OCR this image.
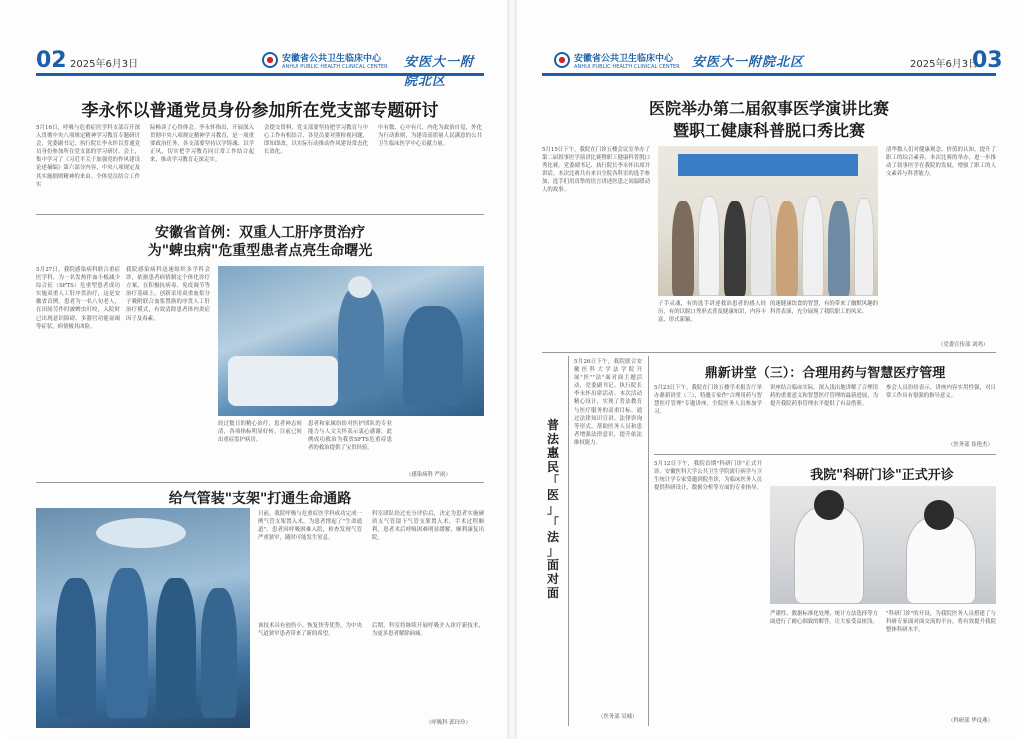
02 2025年6月3日	安徽省公共卫生临床中心
ANHUI PUBLIC HEALTH CLINICAL CENTER 安医大一附院北区
李永怀以普通党员身份参加所在党支部专题研讨
5月16日，呼吸与危重症医学科支部召开深入贯彻中央八项规定精神学习教育专题研讨会，党委副书记、执行院长李永怀以普通党员身份参加所在党支部的学习研讨。会上，集中学习了《习近平关于加强党的作风建设论述摘编》第六部分内容，中央八项规定及其实施细则精神的来由。全体党员结合工作实
际畅谈了心得体会。李永怀指出，开展深入贯彻中央八项规定精神学习教育，是一项重要政治任务，各支部要坚持以学铸魂、以学正风，切实把学习教育同日常工作结合起来，推动学习教育走深走实。
会提交资料，党支部要坚持把学习教育与中心工作有机结合，各党员要对照检视问题，即知即改，以实际行动推动作风建设常态化长效化。
中有数、心中有尺，内化为政治自觉，外化为行动准则，为建设高质量人民满意的公共卫生临床医学中心贡献力量。
安徽省首例：双重人工肝序贯治疗
为"蜱虫病"危重型患者点亮生命曙光
5月27日，我院感染病科联合重症医学科，为一名发热伴血小板减少综合征（SFTS）危重型患者成功实施双重人工肝序贯治疗，这是安徽省首例。患者为一名八旬老人，在田间劳作时被蜱虫叮咬，入院时已出现意识障碍、多器官功能衰竭等症状，病情极其凶险。
我院感染病科迅速组织多学科会诊，依据患者病情制定个体化诊疗方案，在积极抗病毒、免疫调节等治疗基础上，创新采用双重血浆分子吸附联合血浆置换的序贯人工肝治疗模式，有效清除患者体内炎症因子及毒素。
经过数日的精心治疗，患者神志转清，各项指标明显好转，目前已转出重症监护病房。
患者和家属纷纷对医护团队的专业能力与人文关怀表示衷心感谢。此例成功救治为我省SFTS危重症患者的救治提供了宝贵经验。
（感染病科 严雨）
给气管装"支架"打通生命通路
日前，我院呼吸与危重症医学科成功完成一例气管支架置入术，为患者撑起了"生命通道"。患者因呼吸困难入院，检查发现气管严重狭窄，随时可能发生窒息。
科室团队经过充分评估后，决定为患者实施硬质支气管镜下气管支架置入术。手术过程顺利，患者术后呼吸困难明显缓解，顺利康复出院。
该技术具有创伤小、恢复快等优势，为中央气道狭窄患者带来了新的希望。
后期，科室将继续开展呼吸介入诊疗新技术，为更多患者解除病痛。
（呼吸科 郭玲玲）
安徽省公共卫生临床中心
ANHUI PUBLIC HEALTH CLINICAL CENTER 安医大一附院北区	2025年6月3日
03
医院举办第二届叙事医学演讲比赛
暨职工健康科普脱口秀比赛
5月15日下午，我院在门诊五楼会议室举办了第二届叙事医学演讲比赛暨职工健康科普脱口秀比赛。党委副书记、执行院长李永怀出席并讲话。本次比赛共有来自全院各科室的选手参加，选手们用真挚的语言讲述医患之间温暖动人的故事。
子手灵魂，有的选手讲述救治患者的感人经历，有的以脱口秀形式普及健康知识，内容丰富、形式新颖。
的速健康饮食的智慧，有的带来了幽默风趣的科普表演，充分展现了我院职工的风采。
清华数人们对健康观念、价值的认知，提升了职工的综合素养。本次比赛的举办，进一步推动了叙事医学在我院的发展，增强了职工的人文素养与科普能力。
（党委宣传部 刘鸡）
普
法
惠
民
「
医
」
「
法
」
面
对
面
5月26日下午，我院联合安徽医科大学法学院开展"医""法"面对面主题活动，党委副书记、执行院长李永怀出席活动。本次活动精心设计，实现了普法教育与医疗服务的双重目标。通过法律知识宣讲、法律咨询等形式，帮助医务人员和患者增强法律意识，提升依法维权能力。
（医务部 吴城）
鼎新讲堂（三）：合理用药与智慧医疗管理
5月23日下午，我院在门诊五楼学术报告厅举办鼎新讲堂（三），特邀专家作"合理用药与智慧医疗管理"专题讲座，全院医务人员参加学习。
讲座结合临床实际，深入浅出地讲解了合理用药的重要意义和智慧医疗管理的最新进展，为提升我院药事管理水平提供了有益借鉴。
参会人员纷纷表示，讲座内容实用性强，对日常工作具有很强的指导意义。
（医务部 崔艳杰）
我院"科研门诊"正式开诊
5月12日下午，我院首期"科研门诊"正式开诊。安徽医科大学公共卫生学院流行病学与卫生统计学专家受邀到院坐诊，为临床医务人员提供科研设计、数据分析等方面的专业指导。
严谨性、数据标准化处理、统计方法选择等方面进行了耐心细致的解答，让大家受益匪浅。
"科研门诊"的开设，为我院医务人员搭建了与科研专家面对面交流的平台，将有效提升我院整体科研水平。
（科研部 华玟燕）
